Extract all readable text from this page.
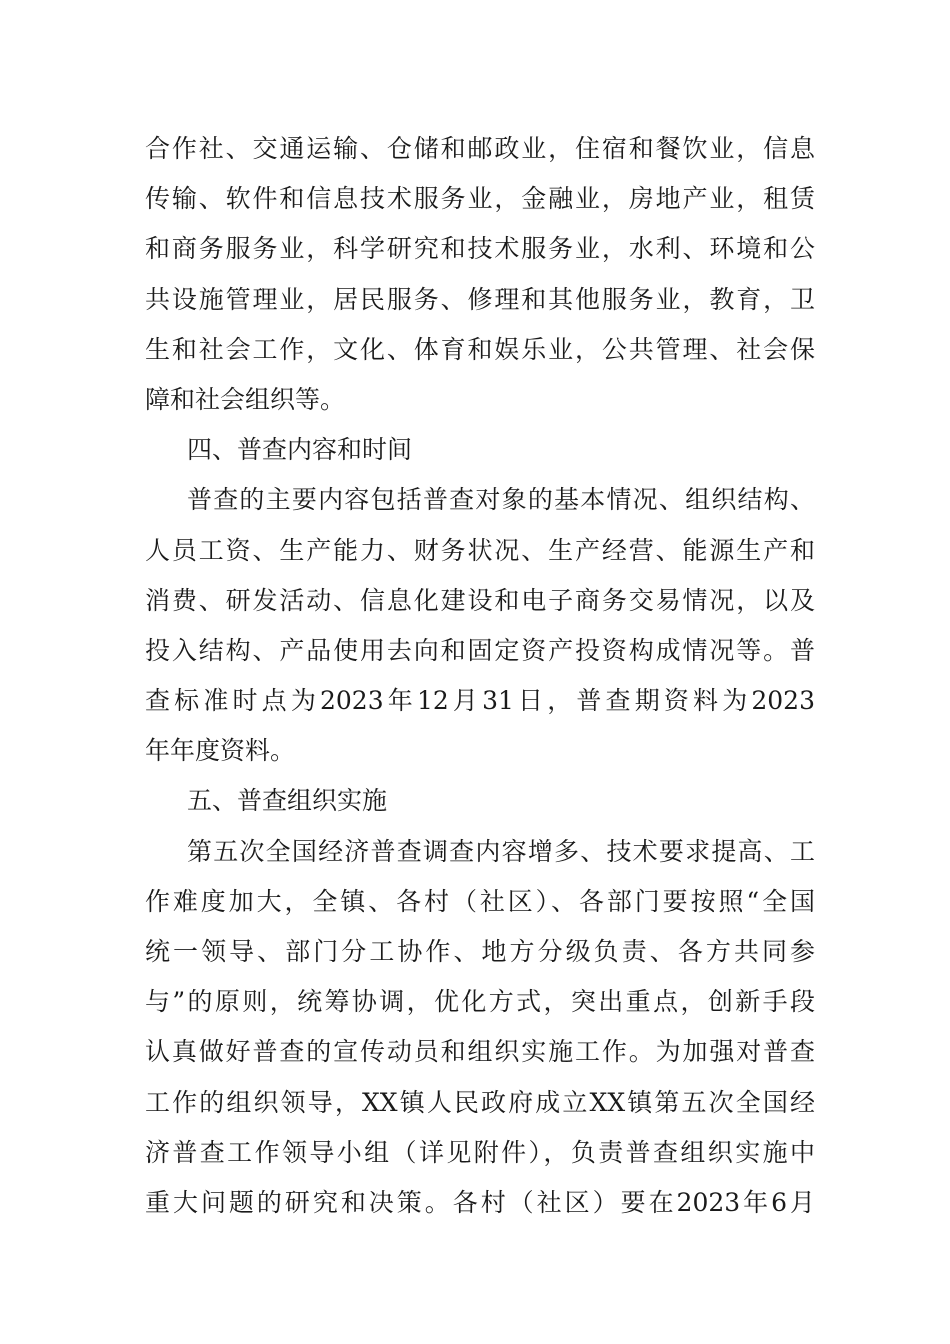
合作社、交通运输、仓储和邮政业，住宿和餐饮业，信息
传输、软件和信息技术服务业，金融业，房地产业，租赁
和商务服务业，科学研究和技术服务业，水利、环境和公
共设施管理业，居民服务、修理和其他服务业，教育，卫
生和社会工作，文化、体育和娱乐业，公共管理、社会保
障和社会组织等。
四、普查内容和时间
普查的主要内容包括普查对象的基本情况、组织结构、
人员工资、生产能力、财务状况、生产经营、能源生产和
消费、研发活动、信息化建设和电子商务交易情况，以及
投入结构、产品使用去向和固定资产投资构成情况等。普
查标准时点为2023年12月31日，普查期资料为2023
年年度资料。
五、普查组织实施
第五次全国经济普查调查内容增多、技术要求提高、工
作难度加大，全镇、各村（社区）、各部门要按照“全国
统一领导、部门分工协作、地方分级负责、各方共同参
与”的原则，统筹协调，优化方式，突出重点，创新手段
认真做好普查的宣传动员和组织实施工作。为加强对普查
工作的组织领导，XX镇人民政府成立XX镇第五次全国经
济普查工作领导小组（详见附件），负责普查组织实施中
重大问题的研究和决策。各村（社区）要在2023年6月
